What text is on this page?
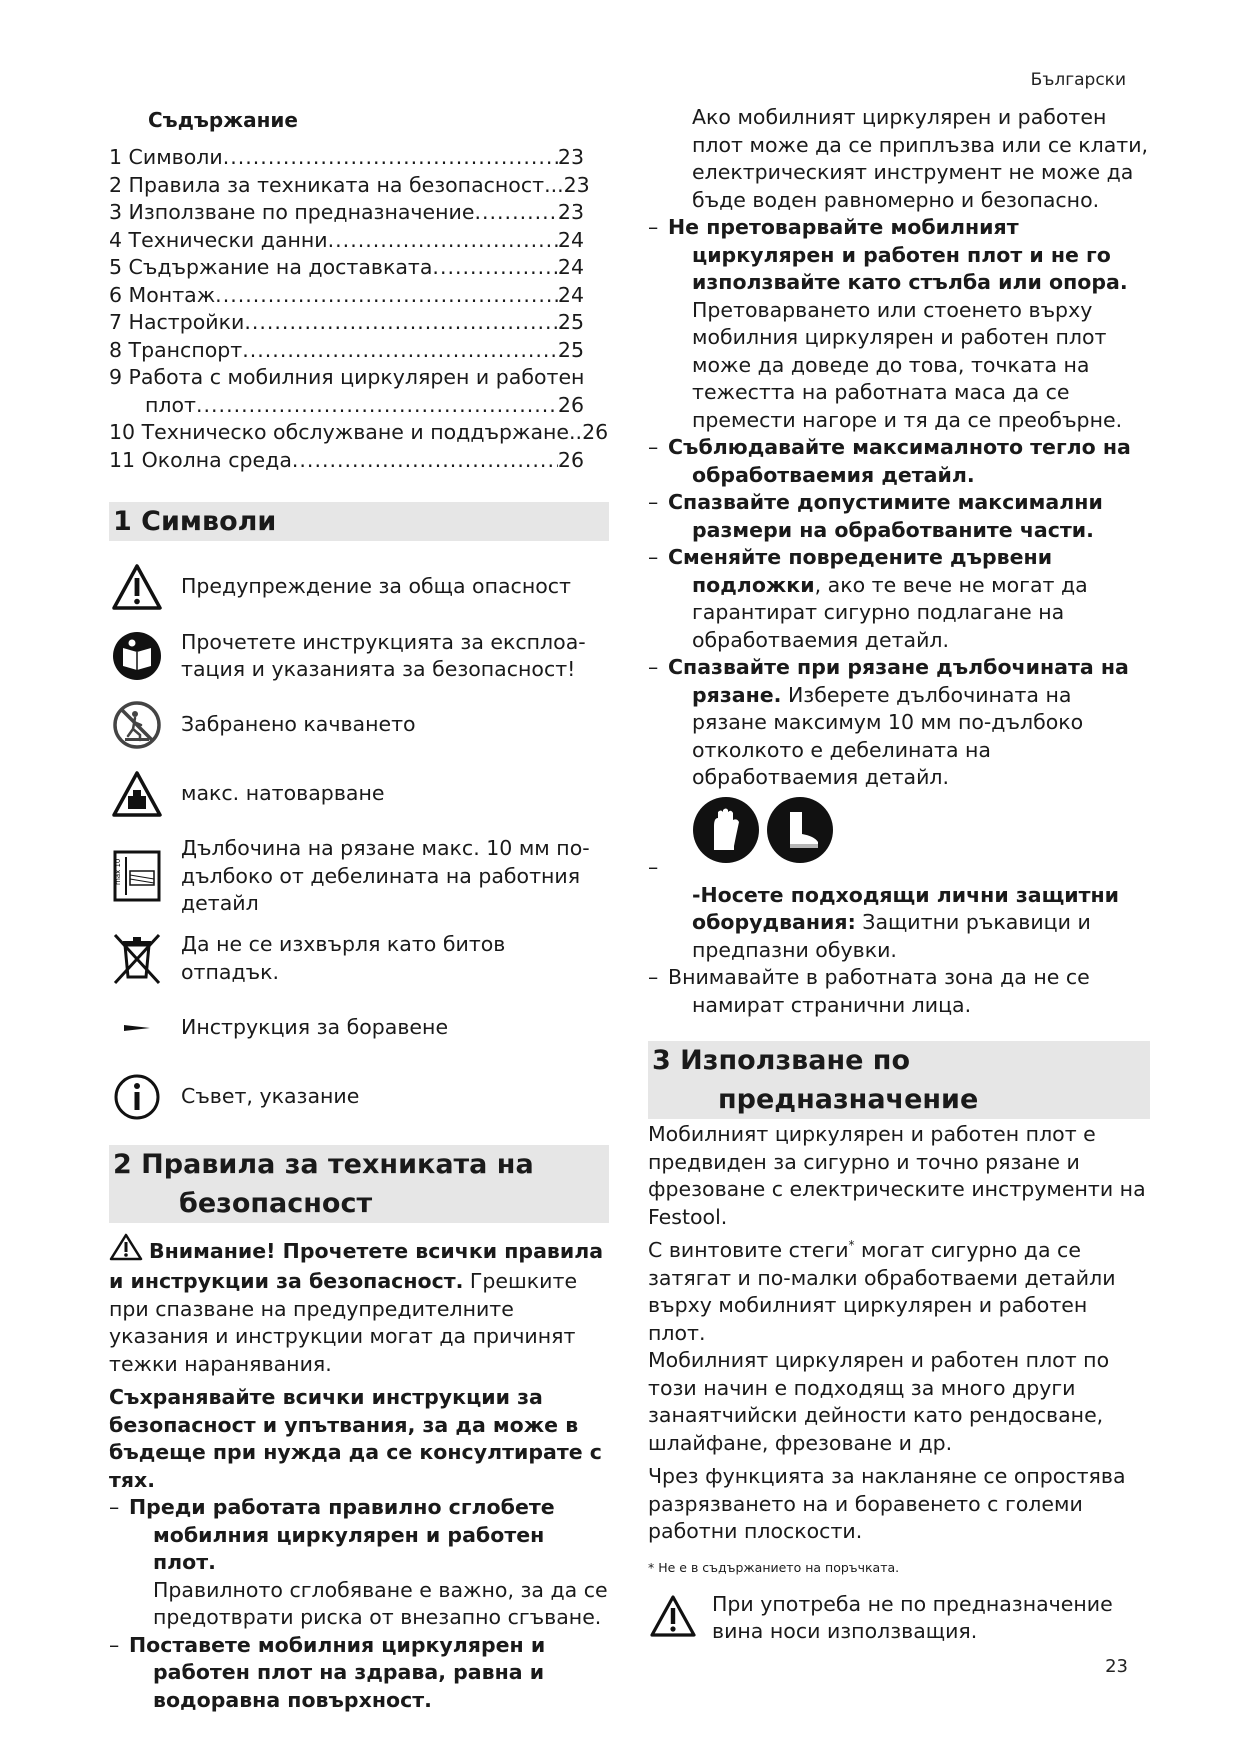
Български
Съдържание
1 Символи .....	23
2 Правила за техниката на безопасност... 23
3 Използване по предназначение .....	23
4 Технически данни .....	24
5 Съдържание на доставката .....	24
6 Монтаж .....	24
7 Настройки .....	25
8 Транспорт .....	25
9 Работа с мобилния циркулярен и работен
плот .....	26
10 Техническо обслужване и поддържане.. 26
11 Околна среда .....	26
1 Символи
Предупреждение за обща опасност
Прочетете инструкцията за експлоа-тация и указанията за безопасност!
Забранено качването
макс. натоварване
max 10
Дълбочина на рязане макс. 10 мм по-дълбоко от дебелината на работния детайл
Да не се изхвърля като битов отпадък.
Инструкция за боравене
Съвет, указание
2 Правила за техниката на
безопасност

Внимание! Прочетете всички правила и инструкции за безопасност. Грешките при спазване на предупредителните указания и инструкции могат да причинят тежки наранявания.

Съхранявайте всички инструкции за безопасност и упътвания, за да може в бъдеще при нужда да се консултирате с тях.

– Преди работата правилно сглобете мобилния циркулярен и работен плот.

Правилното сглобяване е важно, за да се предотврати риска от внезапно сгъване.

– Поставете мобилния циркулярен и работен плот на здрава, равна и водоравна повърхност.

Ако мобилният циркулярен и работен плот може да се приплъзва или се клати, електрическият инструмент не може да бъде воден равномерно и безопасно.

– Не претоварвайте мобилният циркулярен и работен плот и не го използвайте като стълба или опора. Претоварването или стоенето върху мобилния циркулярен и работен плот може да доведе до това, точката на тежестта на работната маса да се премести нагоре и тя да се преобърне.

– Съблюдавайте максималното тегло на обработваемия детайл.

– Спазвайте допустимите максимални размери на обработваните части.

– Сменяйте повредените дървени подложки, ако те вече не могат да гарантират сигурно подлагане на обработваемия детайл.

– Спазвайте при рязане дълбочината на рязане. Изберете дълбочината на рязане максимум 10 мм по-дълбоко отколкото е дебелината на обработваемия детайл.

–

-Носете подходящи лични защитни оборудвания: Защитни ръкавици и предпазни обувки.

– Внимавайте в работната зона да не се намират странични лица.

3 Използване по
предназначение

Мобилният циркулярен и работен плот е предвиден за сигурно и точно рязане и фрезоване с електрическите инструменти на Festool.

С винтовите стеги* могат сигурно да се затягат и по-малки обработваеми детайли върху мобилният циркулярен и работен плот.

Мобилният циркулярен и работен плот по този начин е подходящ за много други занаятчийски дейности като рендосване, шлайфане, фрезоване и др.

Чрез функцията за накланяне се опростява разрязването на и боравенето с големи работни плоскости.

* Не е в съдържанието на поръчката.
При употреба не по предназначение вина носи използващия.
23
